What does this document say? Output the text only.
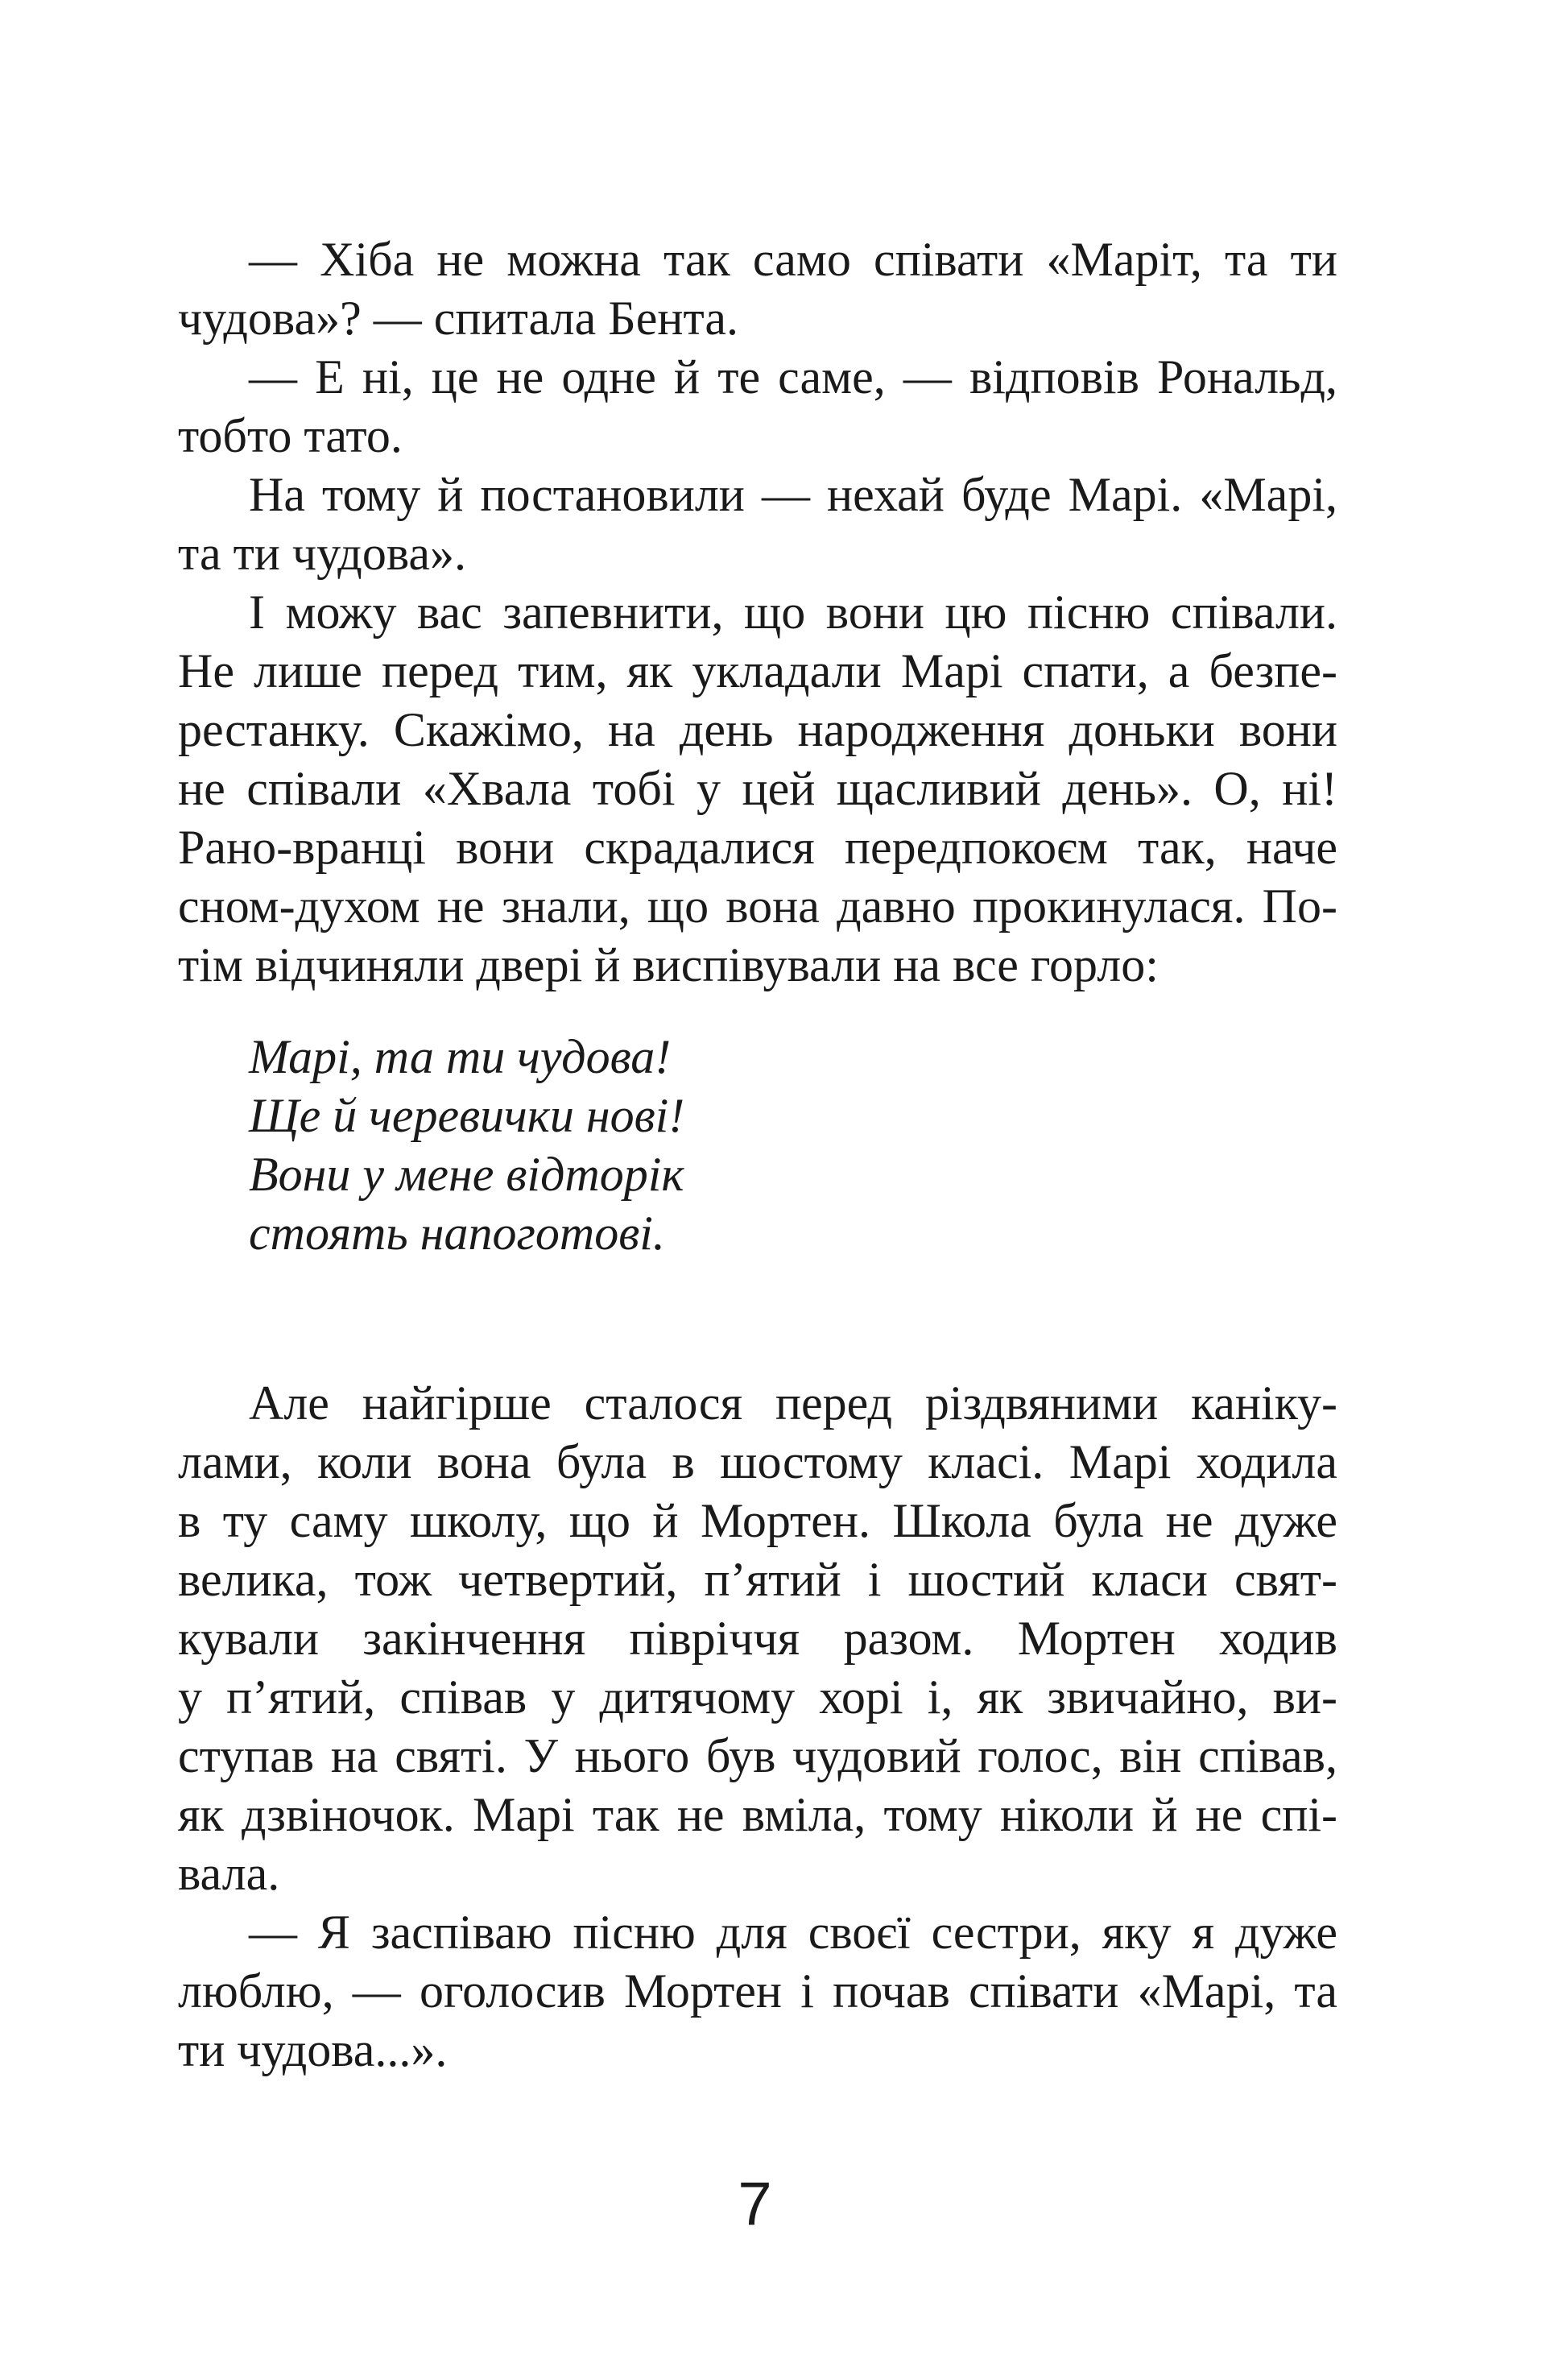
— Хіба не можна так само співати «Маріт, та ти
чудова»? — спитала Бента.
— Е ні, це не одне й те саме, — відповів Рональд,
тобто тато.
На тому й постановили — нехай буде Марі. «Марі,
та ти чудова».
І можу вас запевнити, що вони цю пісню співали.
Не лише перед тим, як укладали Марі спати, а безпе-
рестанку. Скажімо, на день народження доньки вони
не співали «Хвала тобі у цей щасливий день». О, ні!
Рано-вранці вони скрадалися передпокоєм так, наче
сном-духом не знали, що вона давно прокинулася. По-
тім відчиняли двері й виспівували на все горло:
Марі, та ти чудова!
Ще й черевички нові!
Вони у мене відторік
стоять напоготові.
Але найгірше сталося перед різдвяними каніку-
лами, коли вона була в шостому класі. Марі ходила
в ту саму школу, що й Мортен. Школа була не дуже
велика, тож четвертий, п’ятий і шостий класи свят-
кували закінчення півріччя разом. Мортен ходив
у п’ятий, співав у дитячому хорі і, як звичайно, ви-
ступав на святі. У нього був чудовий голос, він співав,
як дзвіночок. Марі так не вміла, тому ніколи й не спі-
вала.
— Я заспіваю пісню для своєї сестри, яку я дуже
люблю, — оголосив Мортен і почав співати «Марі, та
ти чудова...».
7
